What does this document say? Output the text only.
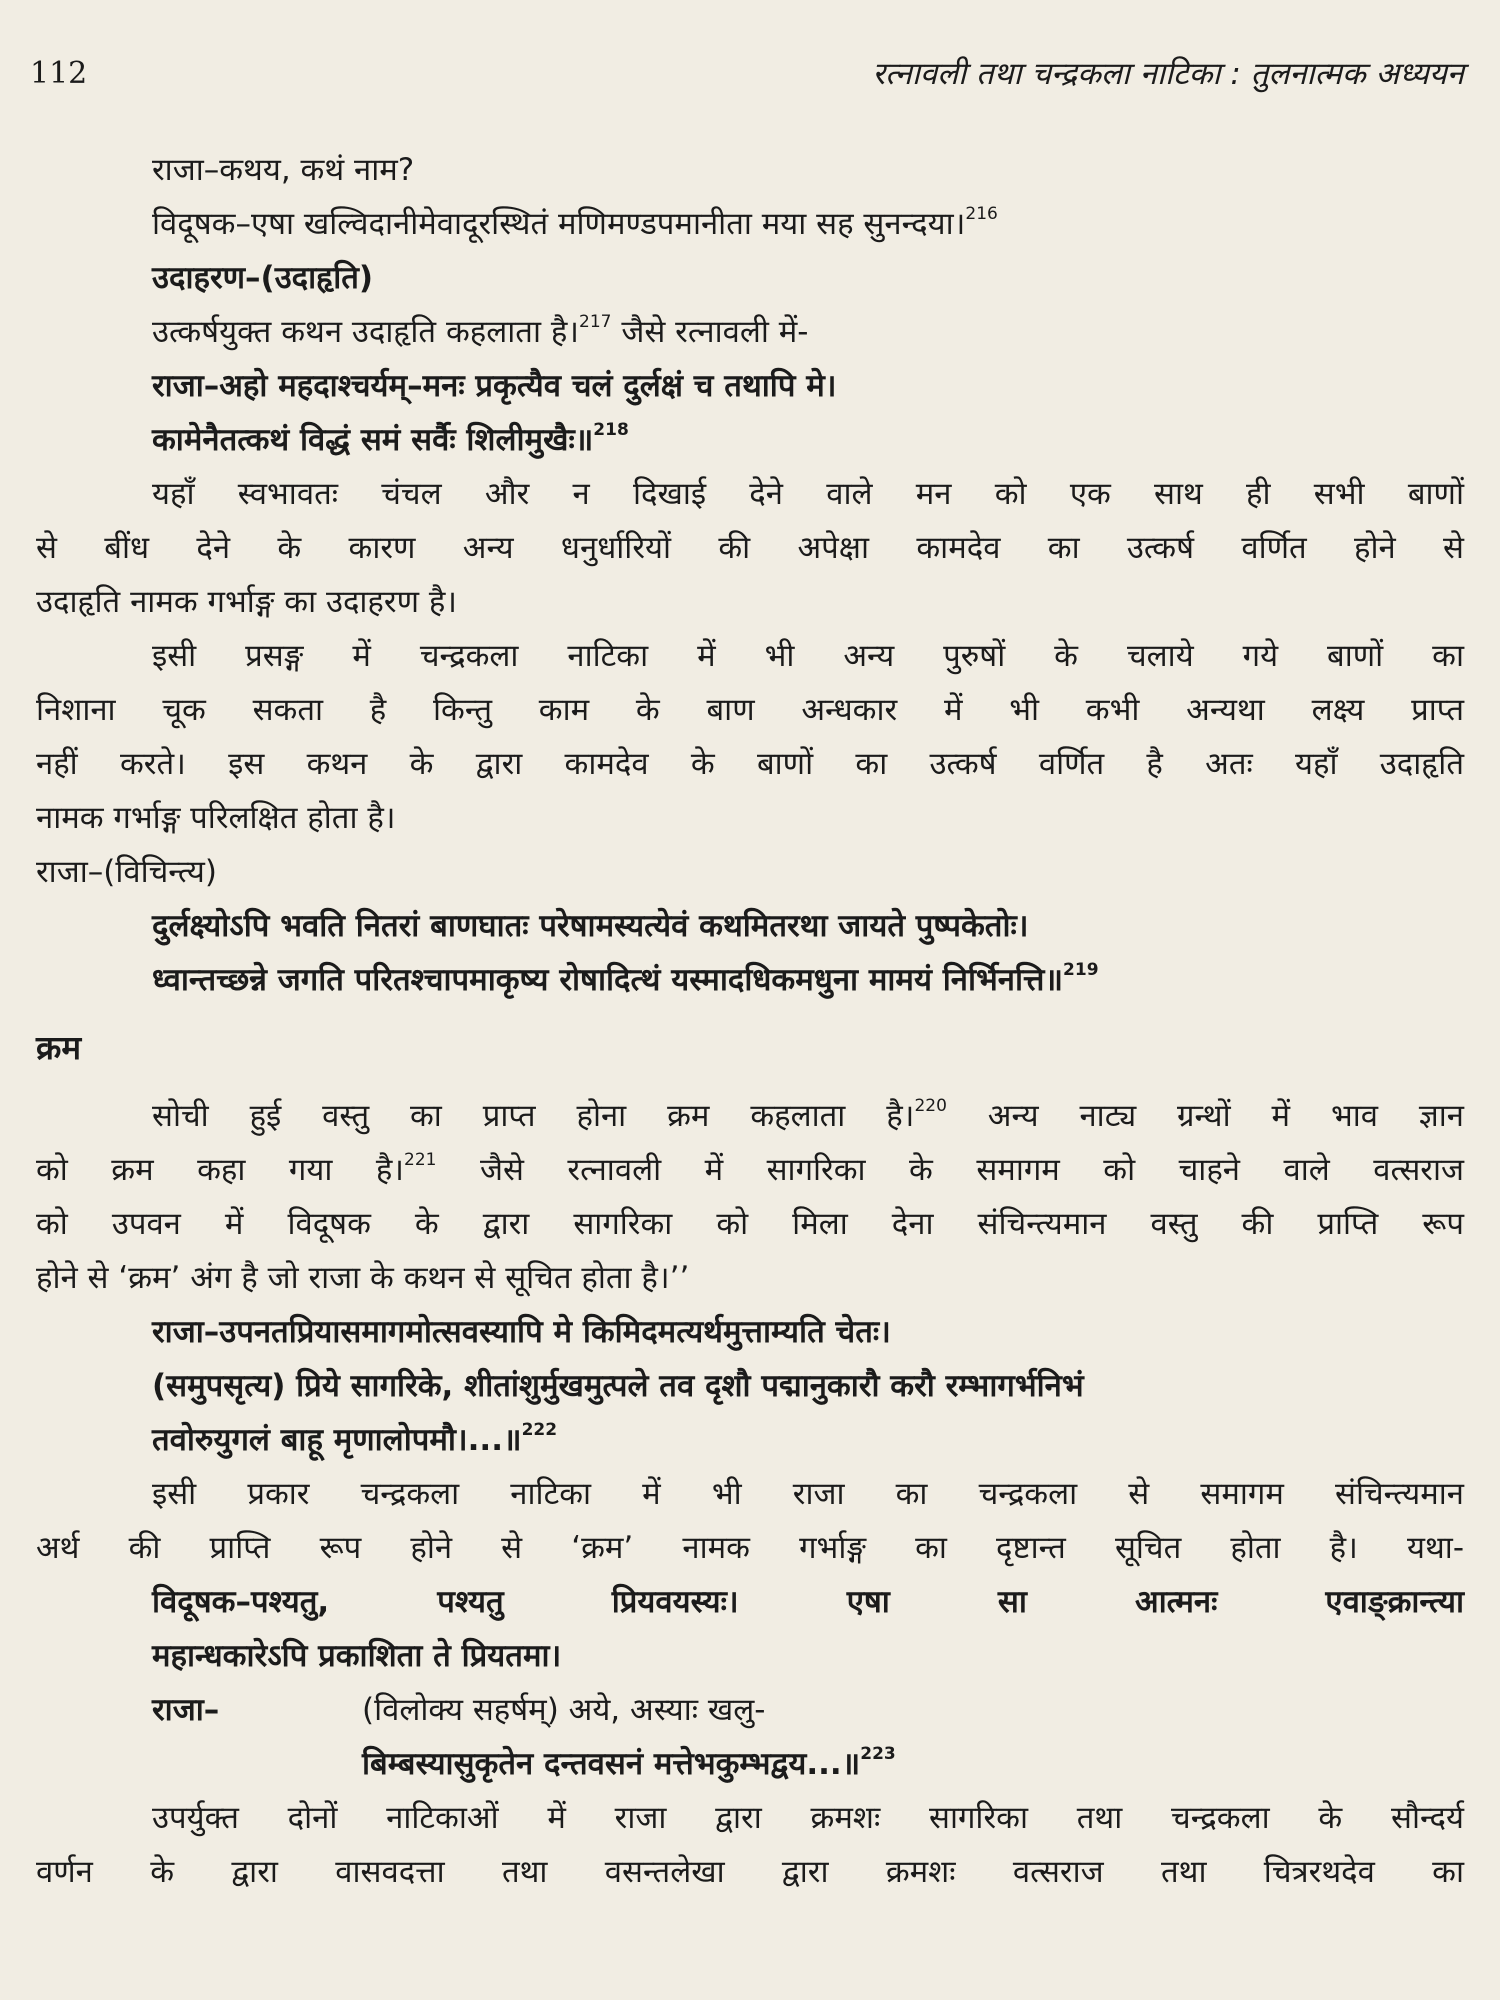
112	रत्नावली तथा चन्द्रकला नाटिका : तुलनात्मक अध्ययन
राजा–कथय, कथं नाम?
विदूषक–एषा खल्विदानीमेवादूरस्थितं मणिमण्डपमानीता मया सह सुनन्दया।$^{216}$
उदाहरण–(उदाहृति)
उत्कर्षयुक्त कथन उदाहृति कहलाता है।$^{217}$ जैसे रत्नावली में-
राजा–अहो महदाश्चर्यम्–मनः प्रकृत्यैव चलं दुर्लक्षं च तथापि मे।
कामेनैतत्कथं विद्धं समं सर्वैः शिलीमुखैः॥$^{218}$
यहाँ स्वभावतः चंचल और न दिखाई देने वाले मन को एक साथ ही सभी बाणों
से बींध देने के कारण अन्य धनुर्धारियों की अपेक्षा कामदेव का उत्कर्ष वर्णित होने से
उदाहृति नामक गर्भाङ्ग का उदाहरण है।
इसी प्रसङ्ग में चन्द्रकला नाटिका में भी अन्य पुरुषों के चलाये गये बाणों का
निशाना चूक सकता है किन्तु काम के बाण अन्धकार में भी कभी अन्यथा लक्ष्य प्राप्त
नहीं करते। इस कथन के द्वारा कामदेव के बाणों का उत्कर्ष वर्णित है अतः यहाँ उदाहृति
नामक गर्भाङ्ग परिलक्षित होता है।
राजा–(विचिन्त्य)
दुर्लक्ष्योऽपि भवति नितरां बाणघातः परेषामस्यत्येवं कथमितरथा जायते पुष्पकेतोः।
ध्वान्तच्छन्ने जगति परितश्चापमाकृष्य रोषादित्थं यस्मादधिकमधुना मामयं निर्भिनत्ति॥$^{219}$
क्रम
सोची हुई वस्तु का प्राप्त होना क्रम कहलाता है।$^{220}$ अन्य नाट्य ग्रन्थों में भाव ज्ञान
को क्रम कहा गया है।$^{221}$ जैसे रत्नावली में सागरिका के समागम को चाहने वाले वत्सराज
को उपवन में विदूषक के द्वारा सागरिका को मिला देना संचिन्त्यमान वस्तु की प्राप्ति रूप
होने से ‘क्रम’ अंग है जो राजा के कथन से सूचित होता है।’’
राजा–उपनतप्रियासमागमोत्सवस्यापि मे किमिदमत्यर्थमुत्ताम्यति चेतः।
(समुपसृत्य) प्रिये सागरिके, शीतांशुर्मुखमुत्पले तव दृशौ पद्मानुकारौ करौ रम्भागर्भनिभं
तवोरुयुगलं बाहू मृणालोपमौ।...॥$^{222}$
इसी प्रकार चन्द्रकला नाटिका में भी राजा का चन्द्रकला से समागम संचिन्त्यमान
अर्थ की प्राप्ति रूप होने से ‘क्रम’ नामक गर्भाङ्ग का दृष्टान्त सूचित होता है। यथा-
विदूषक–पश्यतु, पश्यतु प्रियवयस्यः। एषा सा आत्मनः एवाङ्क्रान्त्या
महान्धकारेऽपि प्रकाशिता ते प्रियतमा।
राजा–	(विलोक्य सहर्षम्) अये, अस्याः खलु-
बिम्बस्यासुकृतेन दन्तवसनं मत्तेभकुम्भद्वय...॥$^{223}$
उपर्युक्त दोनों नाटिकाओं में राजा द्वारा क्रमशः सागरिका तथा चन्द्रकला के सौन्दर्य
वर्णन के द्वारा वासवदत्ता तथा वसन्तलेखा द्वारा क्रमशः वत्सराज तथा चित्ररथदेव का
